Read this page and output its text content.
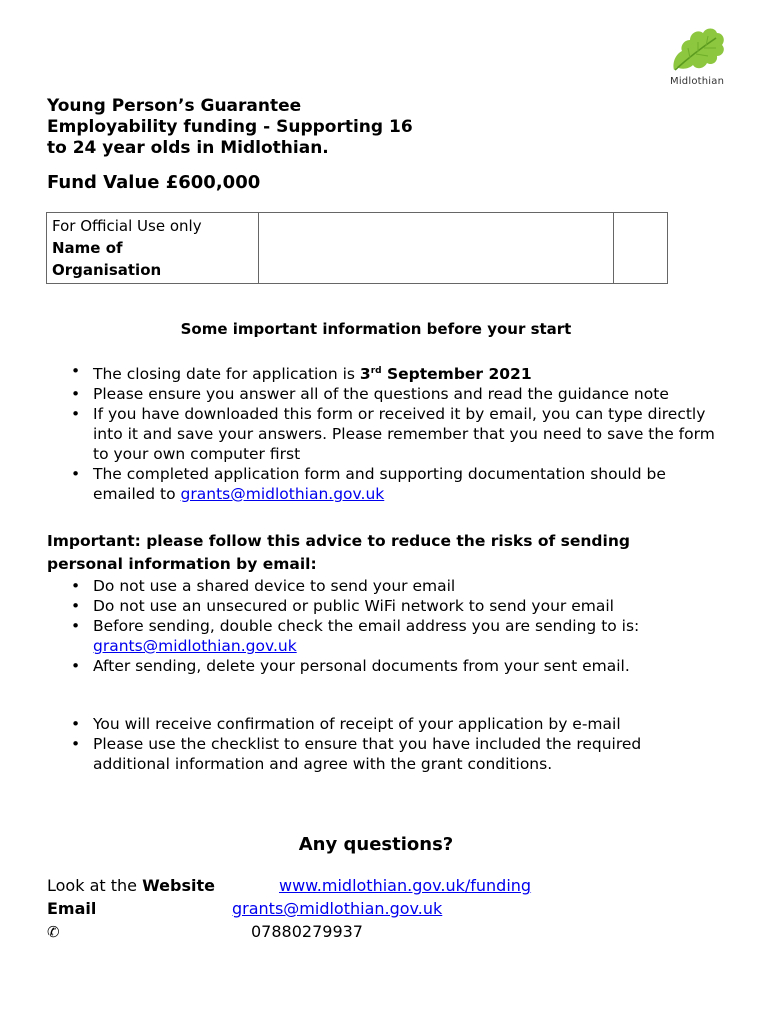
Midlothian
Young Person’s Guarantee
Employability funding - Supporting 16
to 24 year olds in Midlothian.
Fund Value £600,000
For Official Use only
Name of
Organisation		
Some important information before your start
• The closing date for application is 3rd September 2021
• Please ensure you answer all of the questions and read the guidance note
• If you have downloaded this form or received it by email, you can type directly into it and save your answers. Please remember that you need to save the form to your own computer first
• The completed application form and supporting documentation should be emailed to grants@midlothian.gov.uk

Important: please follow this advice to reduce the risks of sending personal information by email:

• Do not use a shared device to send your email
• Do not use an unsecured or public WiFi network to send your email
• Before sending, double check the email address you are sending to is: grants@midlothian.gov.uk
• After sending, delete your personal documents from your sent email.
• You will receive confirmation of receipt of your application by e-mail
• Please use the checklist to ensure that you have included the required additional information and agree with the grant conditions.
Any questions?
Look at the Website	www.midlothian.gov.uk/funding
Email	grants@midlothian.gov.uk
✆	07880279937
